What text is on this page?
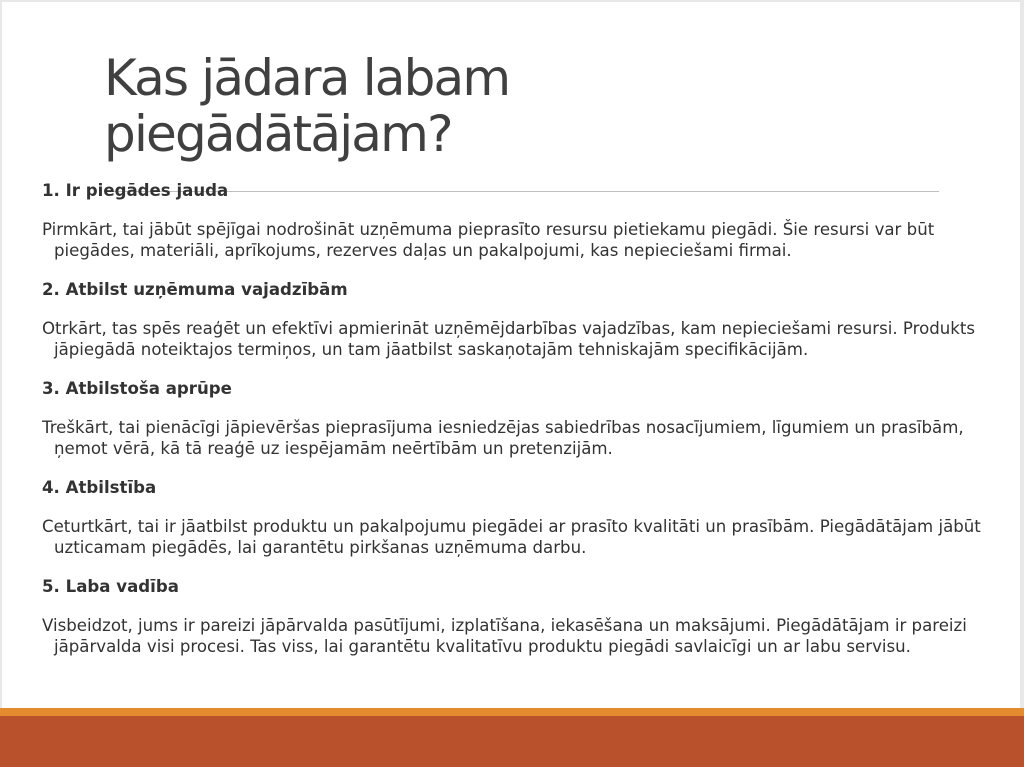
Kas jādara labam piegādātājam?

1. Ir piegādes jauda

Pirmkārt, tai jābūt spējīgai nodrošināt uzņēmuma pieprasīto resursu pietiekamu piegādi. Šie resursi var būt piegādes, materiāli, aprīkojums, rezerves daļas un pakalpojumi, kas nepieciešami firmai.

2. Atbilst uzņēmuma vajadzībām

Otrkārt, tas spēs reaģēt un efektīvi apmierināt uzņēmējdarbības vajadzības, kam nepieciešami resursi. Produkts jāpiegādā noteiktajos termiņos, un tam jāatbilst saskaņotajām tehniskajām specifikācijām.

3. Atbilstoša aprūpe

Treškārt, tai pienācīgi jāpievēršas pieprasījuma iesniedzējas sabiedrības nosacījumiem, līgumiem un prasībām, ņemot vērā, kā tā reaģē uz iespējamām neērtībām un pretenzijām.

4. Atbilstība

Ceturtkārt, tai ir jāatbilst produktu un pakalpojumu piegādei ar prasīto kvalitāti un prasībām. Piegādātājam jābūt uzticamam piegādēs, lai garantētu pirkšanas uzņēmuma darbu.

5. Laba vadība

Visbeidzot, jums ir pareizi jāpārvalda pasūtījumi, izplatīšana, iekasēšana un maksājumi. Piegādātājam ir pareizi jāpārvalda visi procesi. Tas viss, lai garantētu kvalitatīvu produktu piegādi savlaicīgi un ar labu servisu.
